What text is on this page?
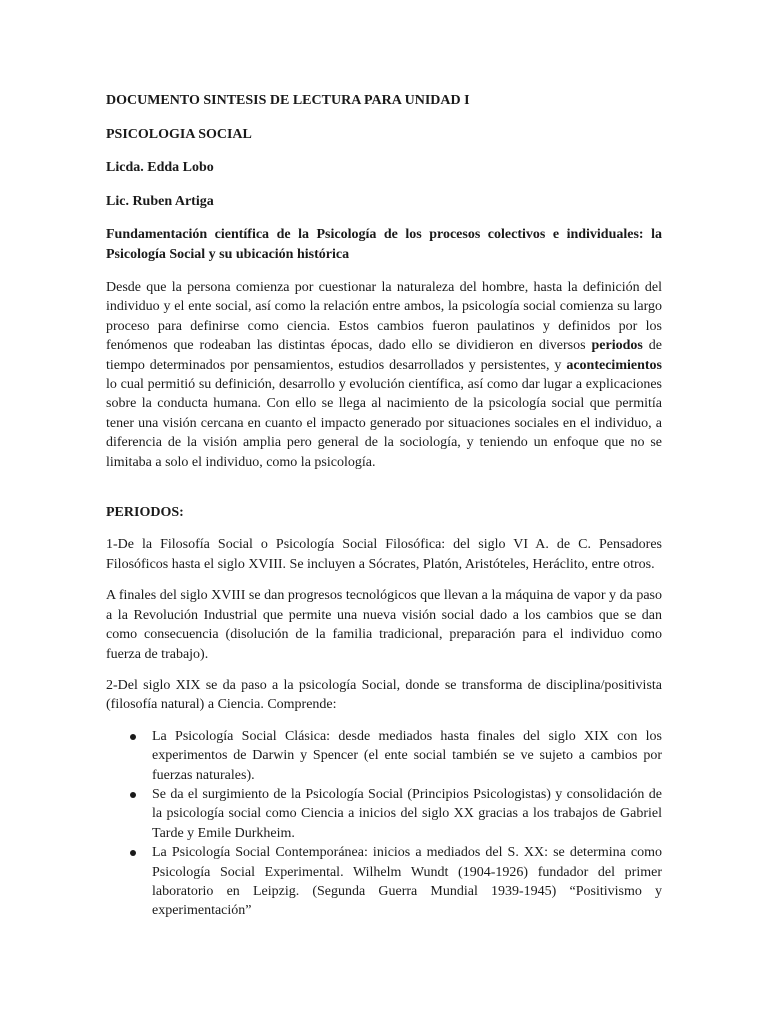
DOCUMENTO SINTESIS DE LECTURA PARA UNIDAD I
PSICOLOGIA SOCIAL
Licda. Edda Lobo
Lic. Ruben Artiga
Fundamentación científica de la Psicología de los procesos colectivos e individuales: la Psicología Social y su ubicación histórica

Desde que la persona comienza por cuestionar la naturaleza del hombre, hasta la definición del individuo y el ente social, así como la relación entre ambos, la psicología social comienza su largo proceso para definirse como ciencia. Estos cambios fueron paulatinos y definidos por los fenómenos que rodeaban las distintas épocas, dado ello se dividieron en diversos periodos de tiempo determinados por pensamientos, estudios desarrollados y persistentes, y acontecimientos lo cual permitió su definición, desarrollo y evolución científica, así como dar lugar a explicaciones sobre la conducta humana. Con ello se llega al nacimiento de la psicología social que permitía tener una visión cercana en cuanto el impacto generado por situaciones sociales en el individuo, a diferencia de la visión amplia pero general de la sociología, y teniendo un enfoque que no se limitaba a solo el individuo, como la psicología.

PERIODOS:

1-De la Filosofía Social o Psicología Social Filosófica: del siglo VI A. de C. Pensadores Filosóficos hasta el siglo XVIII. Se incluyen a Sócrates, Platón, Aristóteles, Heráclito, entre otros.

A finales del siglo XVIII se dan progresos tecnológicos que llevan a la máquina de vapor y da paso a la Revolución Industrial que permite una nueva visión social dado a los cambios que se dan como consecuencia (disolución de la familia tradicional, preparación para el individuo como fuerza de trabajo).

2-Del siglo XIX se da paso a la psicología Social, donde se transforma de disciplina/positivista (filosofía natural) a Ciencia. Comprende:

La Psicología Social Clásica: desde mediados hasta finales del siglo XIX con los experimentos de Darwin y Spencer (el ente social también se ve sujeto a cambios por fuerzas naturales).
Se da el surgimiento de la Psicología Social (Principios Psicologistas) y consolidación de la psicología social como Ciencia a inicios del siglo XX gracias a los trabajos de Gabriel Tarde y Emile Durkheim.
La Psicología Social Contemporánea: inicios a mediados del S. XX: se determina como Psicología Social Experimental. Wilhelm Wundt (1904-1926) fundador del primer laboratorio en Leipzig. (Segunda Guerra Mundial 1939-1945) “Positivismo y experimentación”
